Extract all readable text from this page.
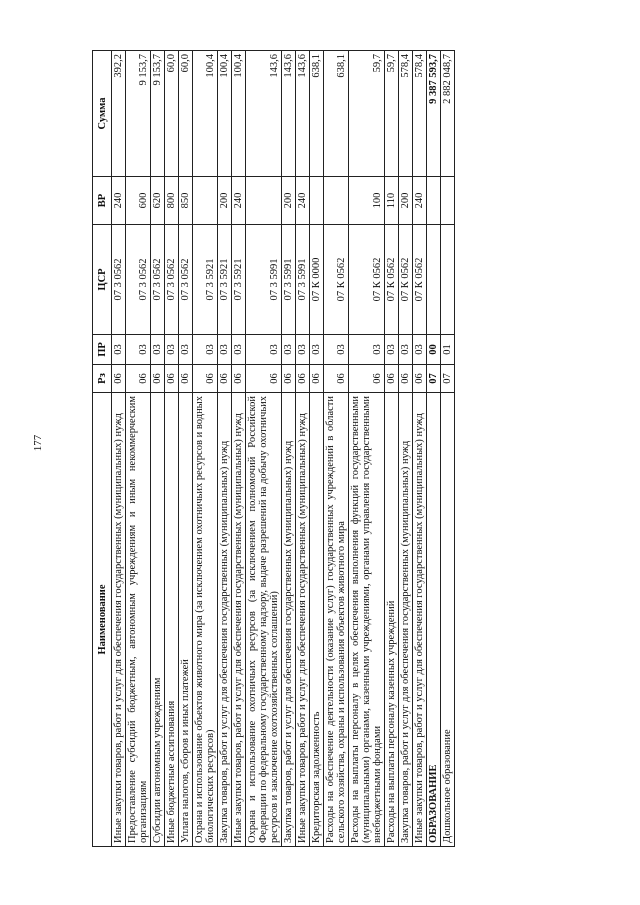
177
Наименование	Рз	ПР	ЦСР	ВР	Сумма
Иные закупки товаров, работ и услуг для обеспечения государственных (муниципальных) нужд	06	03	07 3 0562	240	392,2
Предоставление субсидий бюджетным, автономным учреждениям и иным некоммерческим организациям	06	03	07 3 0562	600	9 153,7
Субсидии автономным учреждениям	06	03	07 3 0562	620	9 153,7
Иные бюджетные ассигнования	06	03	07 3 0562	800	60,0
Уплата налогов, сборов и иных платежей	06	03	07 3 0562	850	60,0
Охрана и использование объектов животного мира (за исключением охотничьих ресурсов и водных биологических ресурсов)	06	03	07 3 5921		100,4
Закупка товаров, работ и услуг для обеспечения государственных (муниципальных) нужд	06	03	07 3 5921	200	100,4
Иные закупки товаров, работ и услуг для обеспечения государственных (муниципальных) нужд	06	03	07 3 5921	240	100,4
Охрана и использование охотничьих ресурсов (за исключением полномочий Российской Федерации по федеральному государственному надзору, выдаче разрешений на добычу охотничьих ресурсов и заключение охотхозяйственных соглашений)	06	03	07 3 5991		143,6
Закупка товаров, работ и услуг для обеспечения государственных (муниципальных) нужд	06	03	07 3 5991	200	143,6
Иные закупки товаров, работ и услуг для обеспечения государственных (муниципальных) нужд	06	03	07 3 5991	240	143,6
Кредиторская задолженность	06	03	07 К 0000		638,1
Расходы на обеспечение деятельности (оказание услуг) государственных учреждений в области сельского хозяйства, охраны и использования объектов животного мира	06	03	07 К 0562		638,1
Расходы на выплаты персоналу в целях обеспечения выполнения функций государственными (муниципальными) органами, казенными учреждениями, органами управления государственными внебюджетными фондами	06	03	07 К 0562	100	59,7
Расходы на выплаты персоналу казенных учреждений	06	03	07 К 0562	110	59,7
Закупка товаров, работ и услуг для обеспечения государственных (муниципальных) нужд	06	03	07 К 0562	200	578,4
Иные закупки товаров, работ и услуг для обеспечения государственных (муниципальных) нужд	06	03	07 К 0562	240	578,4
ОБРАЗОВАНИЕ	07	00			9 387 593,7
Дошкольное образование	07	01			2 882 048,7
